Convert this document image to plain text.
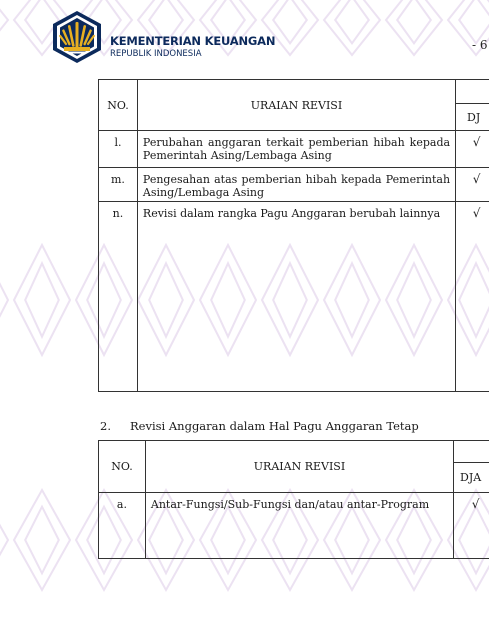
KEMENTERIAN KEUANGAN
REPUBLIK INDONESIA
- 6
NO.	URAIAN REVISI	
		DJ
l.	Perubahan anggaran terkait pemberian hibah kepada Pemerintah Asing/Lembaga Asing	√
m.	Pengesahan atas pemberian hibah kepada Pemerintah Asing/Lembaga Asing	√
n.	Revisi dalam rangka Pagu Anggaran berubah lainnya	√
2. Revisi Anggaran dalam Hal Pagu Anggaran Tetap
NO.	URAIAN REVISI	
		DJA
a.	Antar-Fungsi/Sub-Fungsi dan/atau antar-Program	√
